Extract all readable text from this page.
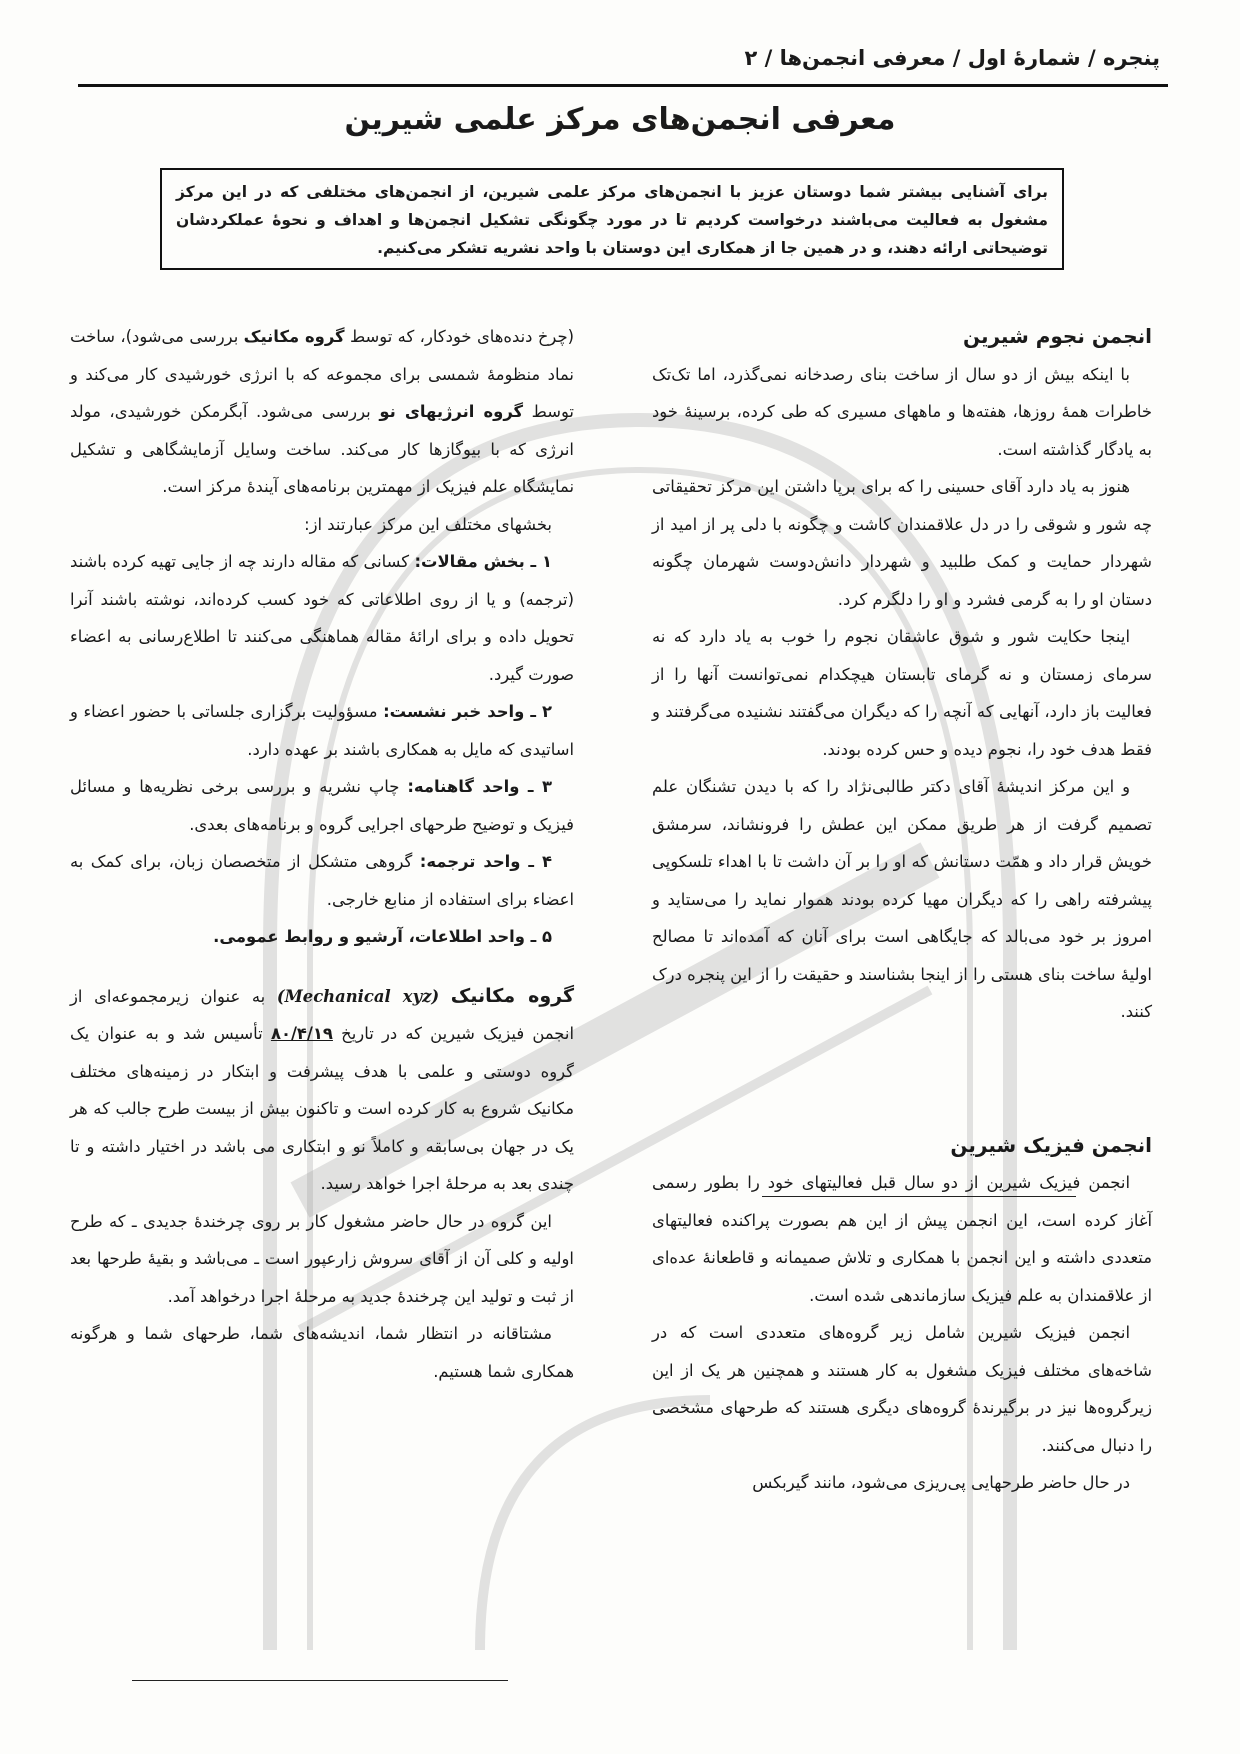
پنجره / شمارهٔ اول / معرفی انجمن‌ها / ۲
معرفی انجمن‌های مرکز علمی شیرین
برای آشنایی بیشتر شما دوستان عزیز با انجمن‌های مرکز علمی شیرین، از انجمن‌های مختلفی که در این مرکز مشغول به فعالیت می‌باشند درخواست کردیم تا در مورد چگونگی تشکیل انجمن‌ها و اهداف و نحوهٔ عملکردشان توضیحاتی ارائه دهند، و در همین جا از همکاری این دوستان با واحد نشریه تشکر می‌کنیم.

انجمن نجوم شیرین

با اینکه بیش از دو سال از ساخت بنای رصدخانه نمی‌گذرد، اما تک‌تک خاطرات همهٔ روزها، هفته‌ها و ماههای مسیری که طی کرده، برسینهٔ خود به یادگار گذاشته است.

هنوز به یاد دارد آقای حسینی را که برای برپا داشتن این مرکز تحقیقاتی چه شور و شوقی را در دل علاقمندان کاشت و چگونه با دلی پر از امید از شهردار حمایت و کمک طلبید و شهردار دانش‌دوست شهرمان چگونه دستان او را به گرمی فشرد و او را دلگرم کرد.

اینجا حکایت شور و شوق عاشقان نجوم را خوب به یاد دارد که نه سرمای زمستان و نه گرمای تابستان هیچکدام نمی‌توانست آنها را از فعالیت باز دارد، آنهایی که آنچه را که دیگران می‌گفتند نشنیده می‌گرفتند و فقط هدف خود را، نجوم دیده و حس کرده بودند.

و این مرکز اندیشهٔ آقای دکتر طالبی‌نژاد را که با دیدن تشنگان علم تصمیم گرفت از هر طریق ممکن این عطش را فرونشاند، سرمشق خویش قرار داد و همّت دستانش که او را بر آن داشت تا با اهداء تلسکوپی پیشرفته راهی را که دیگران مهیا کرده بودند هموار نماید را می‌ستاید و امروز بر خود می‌بالد که جایگاهی است برای آنان که آمده‌اند تا مصالح اولیهٔ ساخت بنای هستی را از اینجا بشناسند و حقیقت را از این پنجره درک کنند.

انجمن فیزیک شیرین

انجمن فیزیک شیرین از دو سال قبل فعالیتهای خود را بطور رسمی آغاز کرده است، این انجمن پیش از این هم بصورت پراکنده فعالیتهای متعددی داشته و این انجمن با همکاری و تلاش صمیمانه و قاطعانهٔ عده‌ای از علاقمندان به علم فیزیک سازماندهی شده است.

انجمن فیزیک شیرین شامل زیر گروه‌های متعددی است که در شاخه‌های مختلف فیزیک مشغول به کار هستند و همچنین هر یک از این زیرگروه‌ها نیز در برگیرندهٔ گروه‌های دیگری هستند که طرحهای مشخصی را دنبال می‌کنند.

در حال حاضر طرحهایی پی‌ریزی می‌شود، مانند گیربکس

(چرخ دنده‌های خودکار، که توسط گروه مکانیک بررسی می‌شود)، ساخت نماد منظومهٔ شمسی برای مجموعه که با انرژی خورشیدی کار می‌کند و توسط گروه انرژیهای نو بررسی می‌شود. آبگرمکن خورشیدی، مولد انرژی که با بیوگازها کار می‌کند. ساخت وسایل آزمایشگاهی و تشکیل نمایشگاه علم فیزیک از مهمترین برنامه‌های آیندهٔ مرکز است.

بخشهای مختلف این مرکز عبارتند از:

۱ ـ بخش مقالات: کسانی که مقاله دارند چه از جایی تهیه کرده باشند (ترجمه) و یا از روی اطلاعاتی که خود کسب کرده‌اند، نوشته باشند آنرا تحویل داده و برای ارائهٔ مقاله هماهنگی می‌کنند تا اطلاع‌رسانی به اعضاء صورت گیرد.

۲ ـ واحد خبر نشست: مسؤولیت برگزاری جلساتی با حضور اعضاء و اساتیدی که مایل به همکاری باشند بر عهده دارد.

۳ ـ واحد گاهنامه: چاپ نشریه و بررسی برخی نظریه‌ها و مسائل فیزیک و توضیح طرحهای اجرایی گروه و برنامه‌های بعدی.

۴ ـ واحد ترجمه: گروهی متشکل از متخصصان زبان، برای کمک به اعضاء برای استفاده از منابع خارجی.

۵ ـ واحد اطلاعات، آرشیو و روابط عمومی.

گروه مکانیک (Mechanical xyz) به عنوان زیرمجموعه‌ای از انجمن فیزیک شیرین که در تاریخ ۸۰/۴/۱۹ تأسیس شد و به عنوان یک گروه دوستی و علمی با هدف پیشرفت و ابتکار در زمینه‌های مختلف مکانیک شروع به کار کرده است و تاکنون بیش از بیست طرح جالب که هر یک در جهان بی‌سابقه و کاملاً نو و ابتکاری می باشد در اختیار داشته و تا چندی بعد به مرحلهٔ اجرا خواهد رسید.

این گروه در حال حاضر مشغول کار بر روی چرخندهٔ جدیدی ـ که طرح اولیه و کلی آن از آقای سروش زارعپور است ـ می‌باشد و بقیهٔ طرحها بعد از ثبت و تولید این چرخندهٔ جدید به مرحلهٔ اجرا درخواهد آمد.

مشتاقانه در انتظار شما، اندیشه‌های شما، طرحهای شما و هرگونه همکاری شما هستیم.
